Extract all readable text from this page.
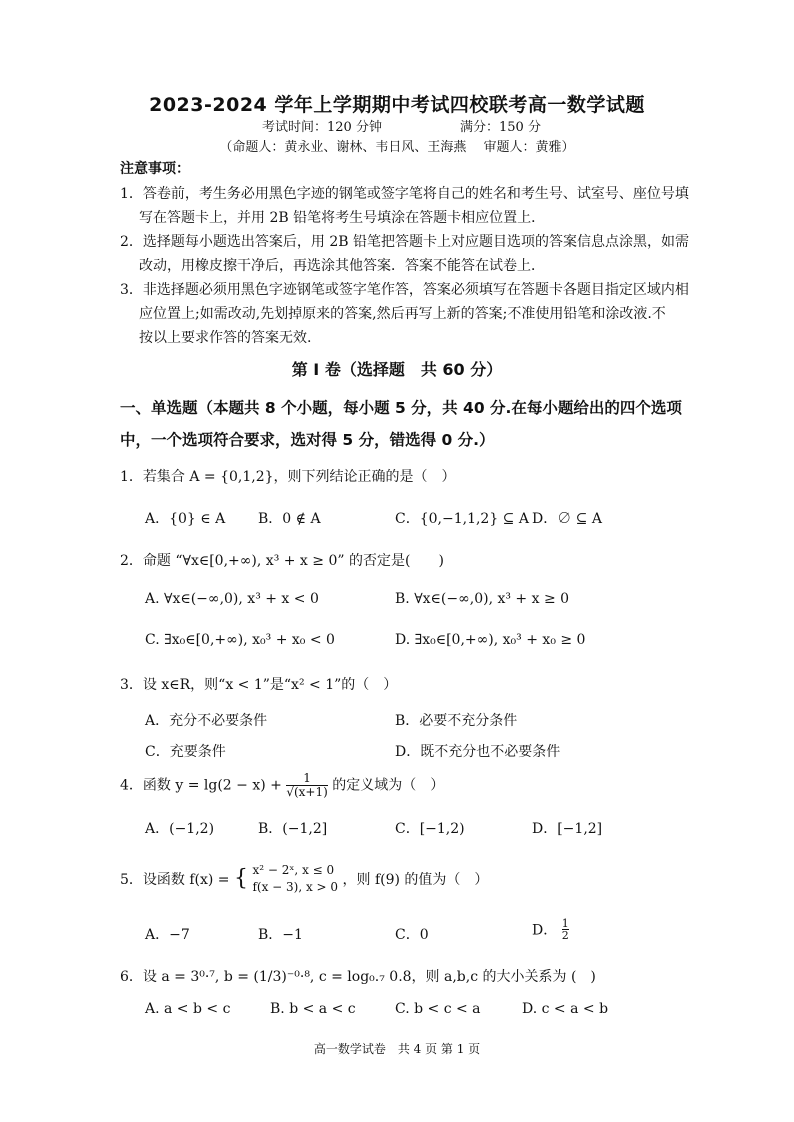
2023-2024 学年上学期期中考试四校联考高一数学试题
考试时间：120 分钟	满分：150 分
（命题人：黄永业、谢林、韦日风、王海燕　 审题人：黄雅）
注意事项：
1．答卷前，考生务必用黑色字迹的钢笔或签字笔将自己的姓名和考生号、试室号、座位号填
写在答题卡上，并用 2B 铅笔将考生号填涂在答题卡相应位置上．
2．选择题每小题选出答案后，用 2B 铅笔把答题卡上对应题目选项的答案信息点涂黑，如需
改动，用橡皮擦干净后，再选涂其他答案．答案不能答在试卷上．
3．非选择题必须用黑色字迹钢笔或签字笔作答，答案必须填写在答题卡各题目指定区域内相
应位置上;如需改动,先划掉原来的答案,然后再写上新的答案;不准使用铅笔和涂改液.不
按以上要求作答的答案无效.
第 I 卷（选择题　共 60 分）
一、单选题（本题共 8 个小题，每小题 5 分，共 40 分.在每小题给出的四个选项
中，一个选项符合要求，选对得 5 分，错选得 0 分.）
1．若集合 A = {0,1,2}，则下列结论正确的是（　）
A．{0} ∈ A B．0 ∉ A	C．{0,−1,1,2} ⊆ A D．∅ ⊆ A
2．命题 “∀x∈[0,+∞), x³ + x ≥ 0” 的否定是(　　)
A. ∀x∈(−∞,0), x³ + x < 0	B. ∀x∈(−∞,0), x³ + x ≥ 0
C. ∃x₀∈[0,+∞), x₀³ + x₀ < 0	D. ∃x₀∈[0,+∞), x₀³ + x₀ ≥ 0
3．设 x∈R，则“x < 1”是“x² < 1”的（　）
A．充分不必要条件	B．必要不充分条件
C．充要条件	D．既不充分也不必要条件
4．函数 $y = \lg(2 - x) + \frac{1}{√(x+1)}$ 的定义域为（　）
A．(−1,2)	B．(−1,2]	C．[−1,2)	D．[−1,2]
5．设函数 f(x) = { x² − 2ˣ, x ≤ 0
f(x − 3), x > 0 ，则 f(9) 的值为（　）
A．−7	B．−1	C．0	D． $\frac{1}{2}$
6．设 a = 3⁰·⁷, b = (1/3)⁻⁰·⁸, c = log₀.₇ 0.8，则 a,b,c 的大小关系为 (　)
A. a < b < c	B. b < a < c	C. b < c < a	D. c < a < b
高一数学试卷　共 4 页 第 1 页
